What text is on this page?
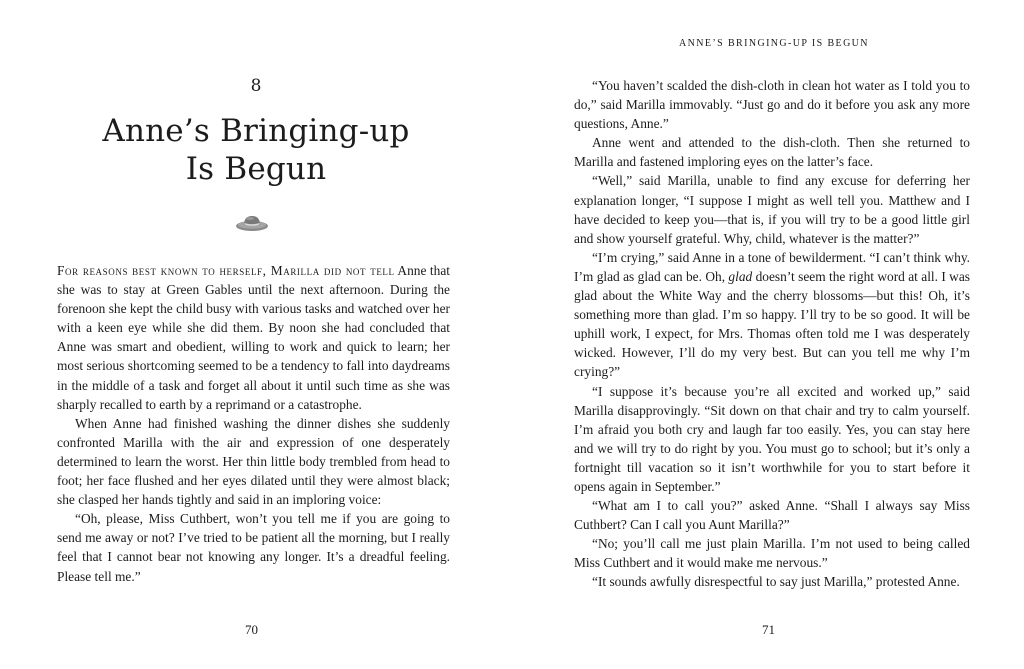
8
Anne’s Bringing-up
Is Begun

For reasons best known to herself, Marilla did not tell Anne that she was to stay at Green Gables until the next afternoon. During the forenoon she kept the child busy with various tasks and watched over her with a keen eye while she did them. By noon she had concluded that Anne was smart and obedient, willing to work and quick to learn; her most serious shortcoming seemed to be a tendency to fall into daydreams in the middle of a task and forget all about it until such time as she was sharply recalled to earth by a reprimand or a catastrophe.

When Anne had finished washing the dinner dishes she suddenly confronted Marilla with the air and expression of one desperately determined to learn the worst. Her thin little body trembled from head to foot; her face flushed and her eyes dilated until they were almost black; she clasped her hands tightly and said in an imploring voice:

“Oh, please, Miss Cuthbert, won’t you tell me if you are going to send me away or not? I’ve tried to be patient all the morning, but I really feel that I cannot bear not knowing any longer. It’s a dreadful feeling. Please tell me.”

70
ANNE’S BRINGING-UP IS BEGUN

“You haven’t scalded the dish-cloth in clean hot water as I told you to do,” said Marilla immovably. “Just go and do it before you ask any more questions, Anne.”

Anne went and attended to the dish-cloth. Then she returned to Marilla and fastened imploring eyes on the latter’s face.

“Well,” said Marilla, unable to find any excuse for deferring her explanation longer, “I suppose I might as well tell you. Matthew and I have decided to keep you—that is, if you will try to be a good little girl and show yourself grateful. Why, child, whatever is the matter?”

“I’m crying,” said Anne in a tone of bewilderment. “I can’t think why. I’m glad as glad can be. Oh, glad doesn’t seem the right word at all. I was glad about the White Way and the cherry blossoms—but this! Oh, it’s something more than glad. I’m so happy. I’ll try to be so good. It will be uphill work, I expect, for Mrs. Thomas often told me I was desperately wicked. However, I’ll do my very best. But can you tell me why I’m crying?”

“I suppose it’s because you’re all excited and worked up,” said Marilla disapprovingly. “Sit down on that chair and try to calm yourself. I’m afraid you both cry and laugh far too easily. Yes, you can stay here and we will try to do right by you. You must go to school; but it’s only a fortnight till vacation so it isn’t worthwhile for you to start before it opens again in September.”

“What am I to call you?” asked Anne. “Shall I always say Miss Cuthbert? Can I call you Aunt Marilla?”

“No; you’ll call me just plain Marilla. I’m not used to being called Miss Cuthbert and it would make me nervous.”

“It sounds awfully disrespectful to say just Marilla,” protested Anne.

71
